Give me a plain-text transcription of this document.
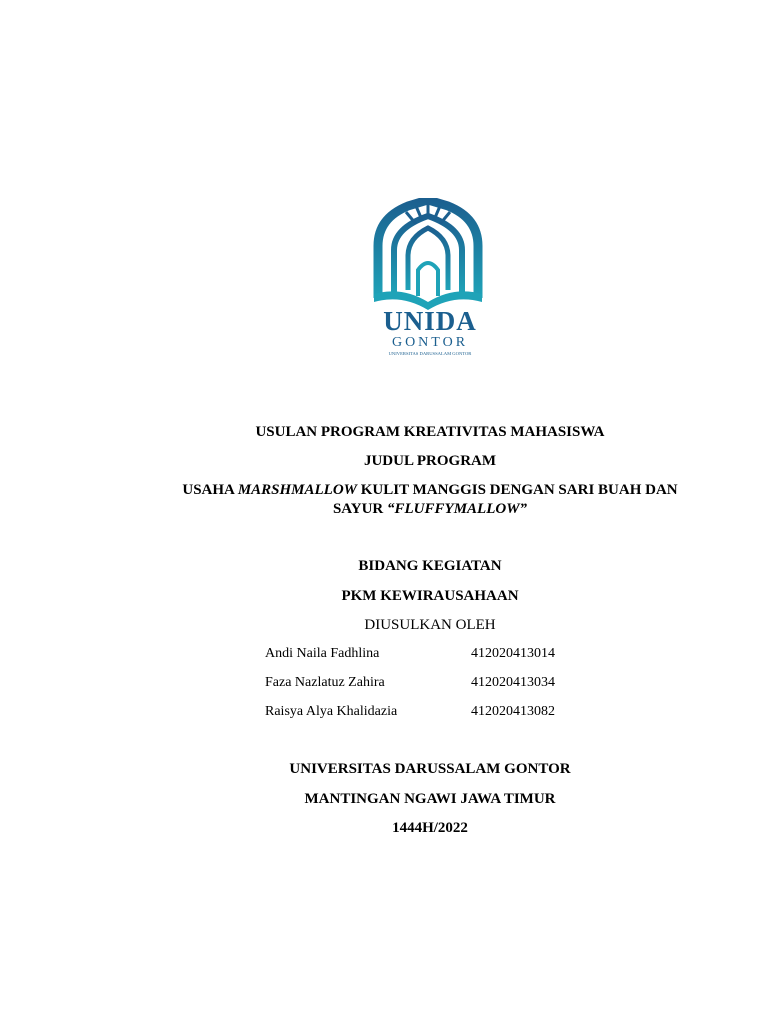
UNIDA
GONTOR
UNIVERSITAS DARUSSALAM GONTOR
USULAN PROGRAM KREATIVITAS MAHASISWA
JUDUL PROGRAM
USAHA MARSHMALLOW KULIT MANGGIS DENGAN SARI BUAH DAN SAYUR “FLUFFYMALLOW”
BIDANG KEGIATAN
PKM KEWIRAUSAHAAN
DIUSULKAN OLEH
Andi Naila Fadhlina	412020413014
Faza Nazlatuz Zahira	412020413034
Raisya Alya Khalidazia	412020413082
UNIVERSITAS DARUSSALAM GONTOR
MANTINGAN NGAWI JAWA TIMUR
1444H/2022
